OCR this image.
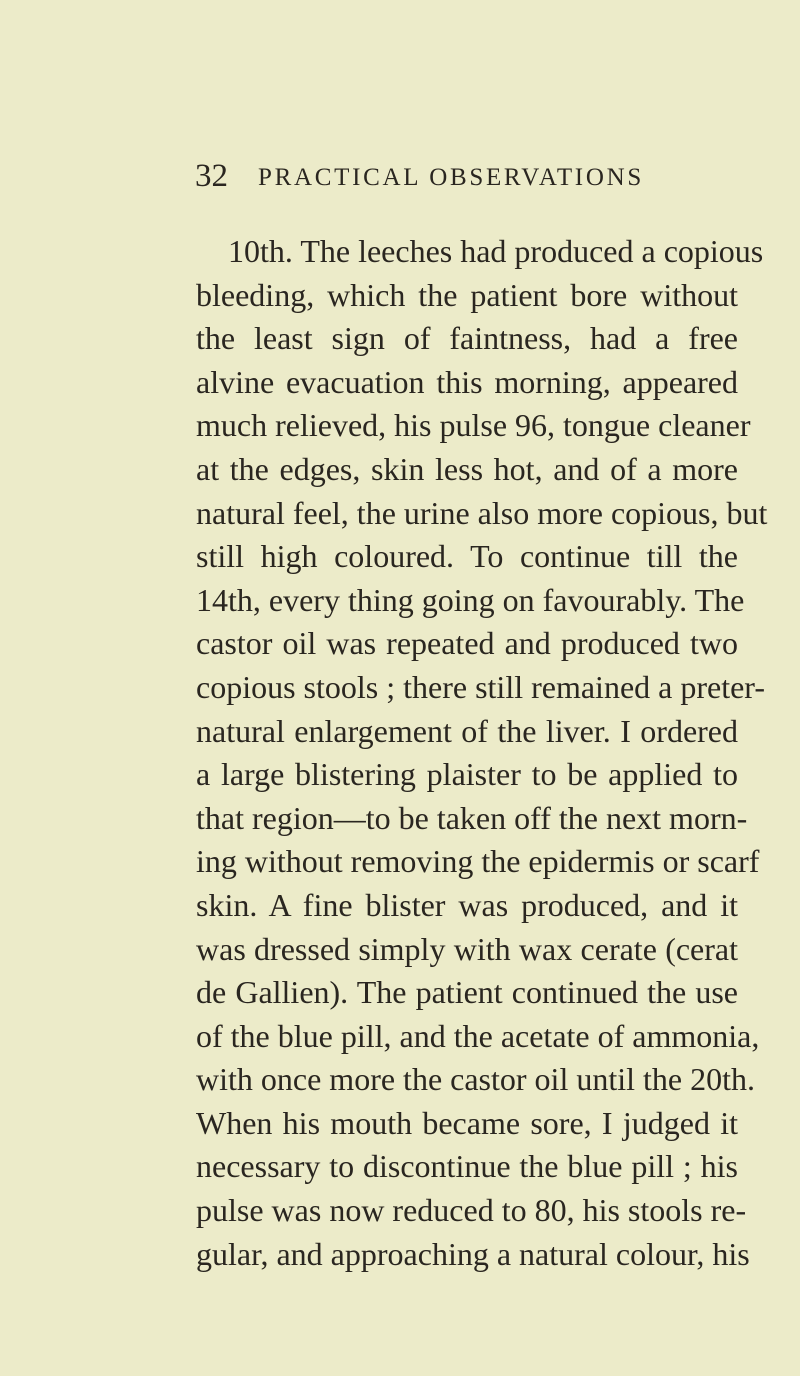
32 PRACTICAL OBSERVATIONS
10th. The leeches had produced a copious
bleeding, which the patient bore without
the least sign of faintness, had a free
alvine evacuation this morning, appeared
much relieved, his pulse 96, tongue cleaner
at the edges, skin less hot, and of a more
natural feel, the urine also more copious, but
still high coloured. To continue till the
14th, every thing going on favourably. The
castor oil was repeated and produced two
copious stools ; there still remained a preter-
natural enlargement of the liver. I ordered
a large blistering plaister to be applied to
that region—to be taken off the next morn-
ing without removing the epidermis or scarf
skin. A fine blister was produced, and it
was dressed simply with wax cerate (cerat
de Gallien). The patient continued the use
of the blue pill, and the acetate of ammonia,
with once more the castor oil until the 20th.
When his mouth became sore, I judged it
necessary to discontinue the blue pill ; his
pulse was now reduced to 80, his stools re-
gular, and approaching a natural colour, his
